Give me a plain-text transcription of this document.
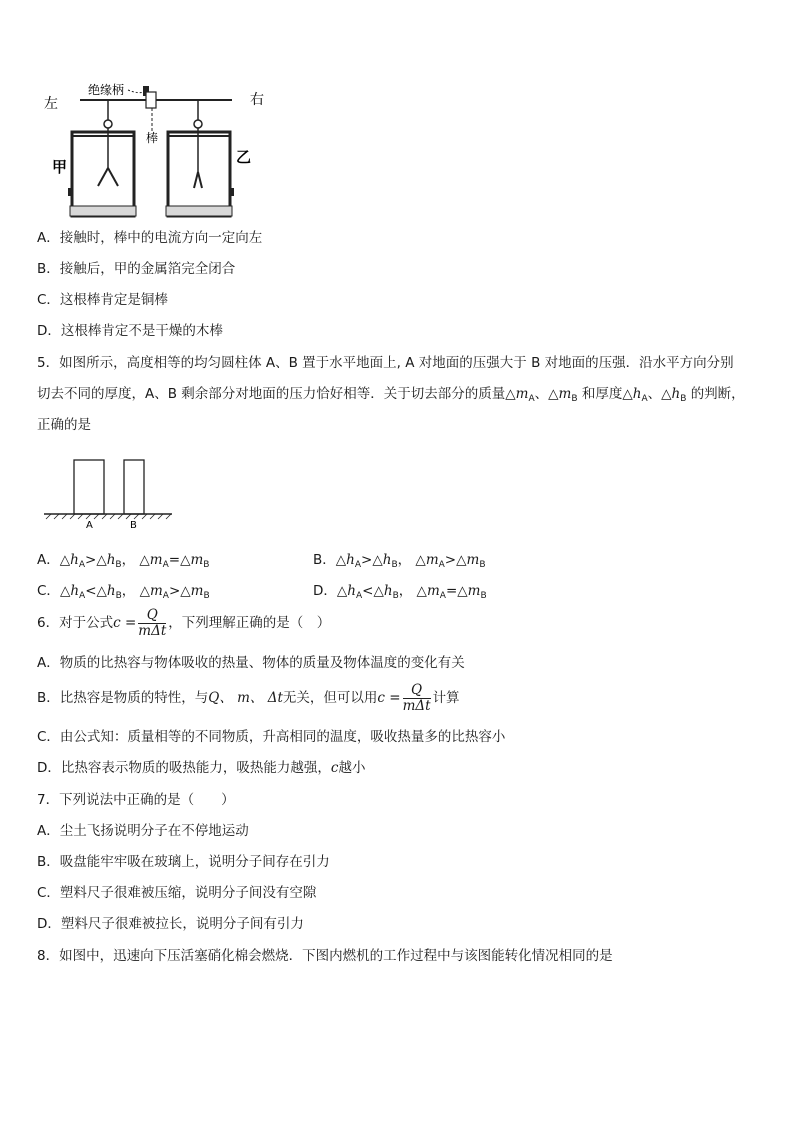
左	右
绝缘柄
棒
甲
乙
A．接触时，棒中的电流方向一定向左
B．接触后，甲的金属箔完全闭合
C．这根棒肯定是铜棒
D．这根棒肯定不是干燥的木棒
5．如图所示，高度相等的均匀圆柱体 A、B 置于水平地面上, A 对地面的压强大于 B 对地面的压强．沿水平方向分别
切去不同的厚度，A、B 剩余部分对地面的压力恰好相等．关于切去部分的质量$\triangle m_A$、$\triangle m_B$ 和厚度$\triangle h_A$、$\triangle h_B$ 的判断，
正确的是
A	B
A．$\triangle h_A>\triangle h_B$， $\triangle m_A=\triangle m_B$	B．$\triangle h_A>\triangle h_B$， $\triangle m_A>\triangle m_B$
C．$\triangle h_A<\triangle h_B$， $\triangle m_A>\triangle m_B$	D．$\triangle h_A<\triangle h_B$， $\triangle m_A=\triangle m_B$
6．对于公式$c = \frac{Q}{\text{mΔt}}$ ，下列理解正确的是（　）
A．物质的比热容与物体吸收的热量、物体的质量及物体温度的变化有关
B．比热容是物质的特性，与Q、 m、 Δt无关，但可以用$c = \frac{Q}{\text{mΔt}}$ 计算
C．由公式知：质量相等的不同物质，升高相同的温度，吸收热量多的比热容小
D．比热容表示物质的吸热能力，吸热能力越强，c越小
7．下列说法中正确的是（　　）
A．尘土飞扬说明分子在不停地运动
B．吸盘能牢牢吸在玻璃上，说明分子间存在引力
C．塑料尺子很难被压缩，说明分子间没有空隙
D．塑料尺子很难被拉长，说明分子间有引力
8．如图中，迅速向下压活塞硝化棉会燃烧．下图内燃机的工作过程中与该图能转化情况相同的是
